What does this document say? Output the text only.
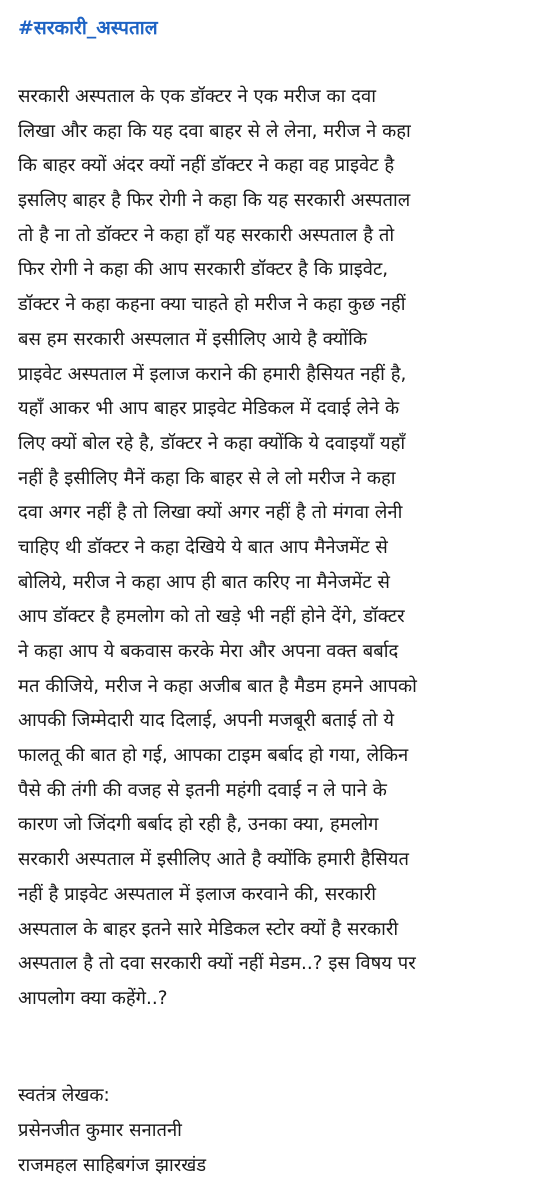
#सरकारी_अस्पताल
सरकारी अस्पताल के एक डॉक्टर ने एक मरीज का दवा
लिखा और कहा कि यह दवा बाहर से ले लेना, मरीज ने कहा
कि बाहर क्यों अंदर क्यों नहीं डॉक्टर ने कहा वह प्राइवेट है
इसलिए बाहर है फिर रोगी ने कहा कि यह सरकारी अस्पताल
तो है ना तो डॉक्टर ने कहा हाँ यह सरकारी अस्पताल है तो
फिर रोगी ने कहा की आप सरकारी डॉक्टर है कि प्राइवेट,
डॉक्टर ने कहा कहना क्या चाहते हो मरीज ने कहा कुछ नहीं
बस हम सरकारी अस्पलात में इसीलिए आये है क्योंकि
प्राइवेट अस्पताल में इलाज कराने की हमारी हैसियत नहीं है,
यहाँ आकर भी आप बाहर प्राइवेट मेडिकल में दवाई लेने के
लिए क्यों बोल रहे है, डॉक्टर ने कहा क्योंकि ये दवाइयाँ यहाँ
नहीं है इसीलिए मैनें कहा कि बाहर से ले लो मरीज ने कहा
दवा अगर नहीं है तो लिखा क्यों अगर नहीं है तो मंगवा लेनी
चाहिए थी डॉक्टर ने कहा देखिये ये बात आप मैनेजमेंट से
बोलिये, मरीज ने कहा आप ही बात करिए ना मैनेजमेंट से
आप डॉक्टर है हमलोग को तो खड़े भी नहीं होने देंगे, डॉक्टर
ने कहा आप ये बकवास करके मेरा और अपना वक्त बर्बाद
मत कीजिये, मरीज ने कहा अजीब बात है मैडम हमने आपको
आपकी जिम्मेदारी याद दिलाई, अपनी मजबूरी बताई तो ये
फालतू की बात हो गई, आपका टाइम बर्बाद हो गया, लेकिन
पैसे की तंगी की वजह से इतनी महंगी दवाई न ले पाने के
कारण जो जिंदगी बर्बाद हो रही है, उनका क्या, हमलोग
सरकारी अस्पताल में इसीलिए आते है क्योंकि हमारी हैसियत
नहीं है प्राइवेट अस्पताल में इलाज करवाने की, सरकारी
अस्पताल के बाहर इतने सारे मेडिकल स्टोर क्यों है सरकारी
अस्पताल है तो दवा सरकारी क्यों नहीं मेडम..? इस विषय पर
आपलोग क्या कहेंगे..?
स्वतंत्र लेखक:
प्रसेनजीत कुमार सनातनी
राजमहल साहिबगंज झारखंड
